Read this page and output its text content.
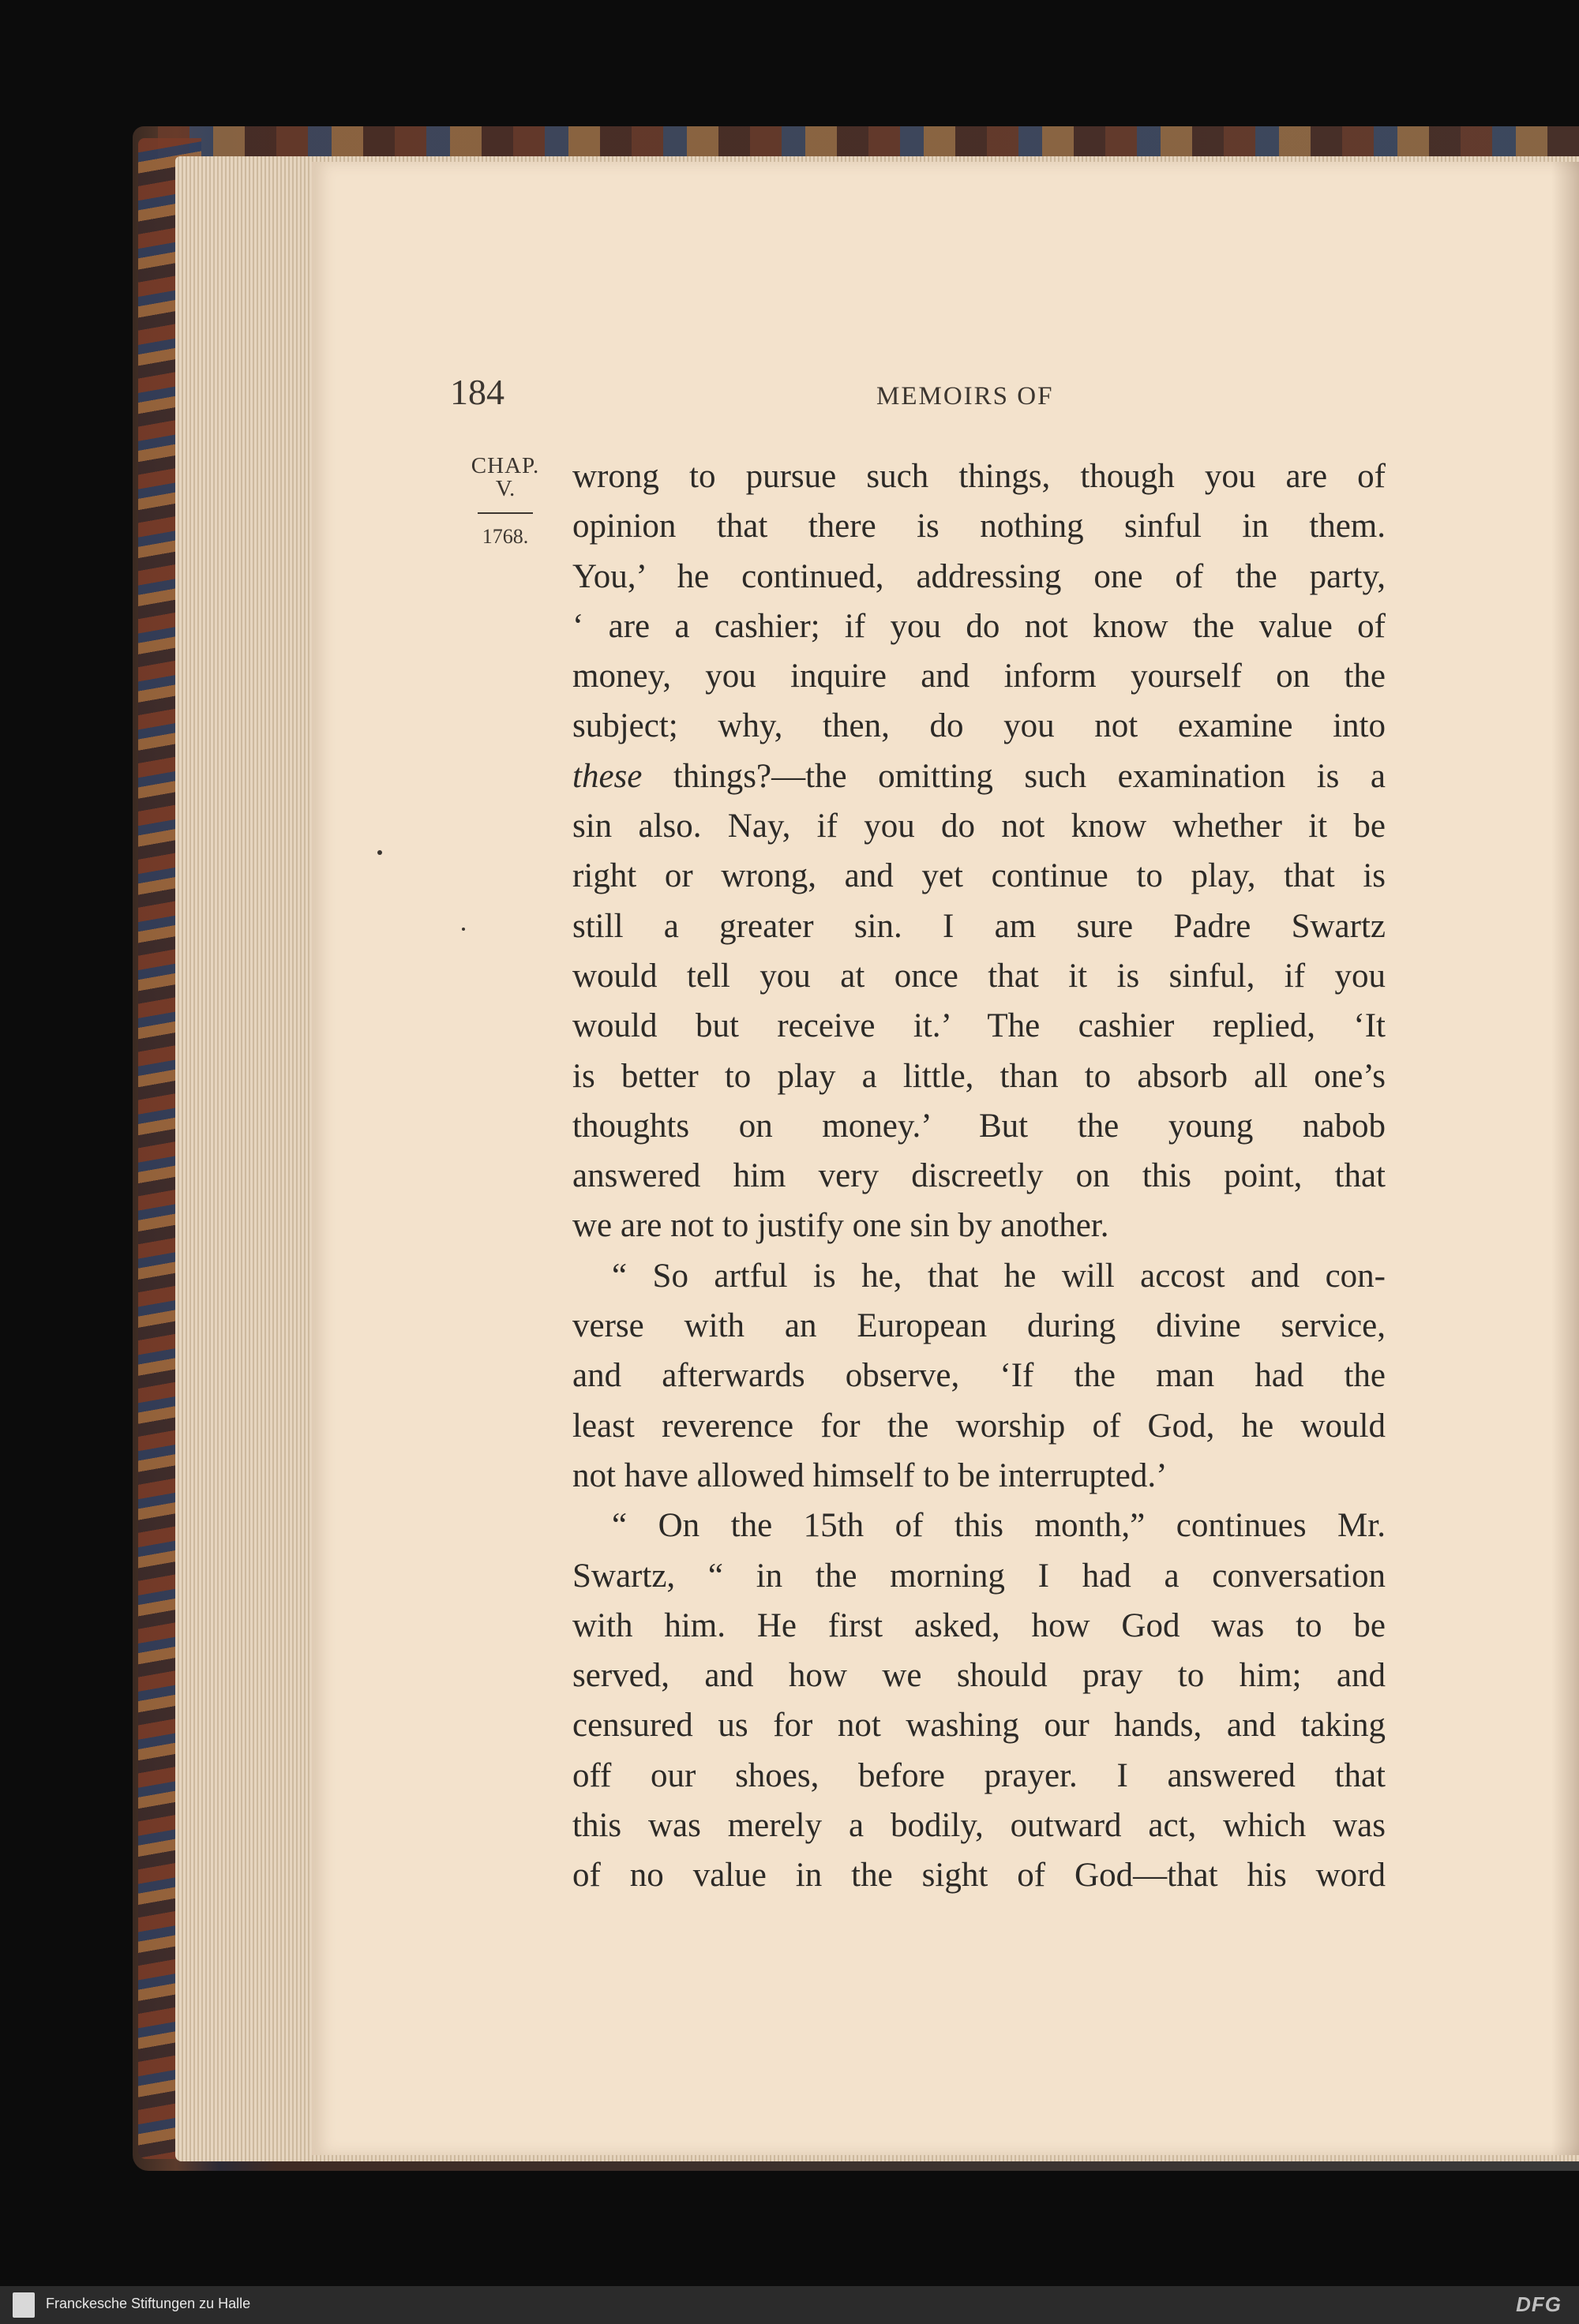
184	MEMOIRS OF
CHAP.
V.
1768.
wrong to pursue such things, though you are of
opinion that there is nothing sinful in them.
You,’ he continued, addressing one of the party,
‘ are a cashier; if you do not know the value of
money, you inquire and inform yourself on the
subject; why, then, do you not examine into
these things?—the omitting such examination is a
sin also. Nay, if you do not know whether it be
right or wrong, and yet continue to play, that is
still a greater sin. I am sure Padre Swartz
would tell you at once that it is sinful, if you
would but receive it.’ The cashier replied, ‘It
is better to play a little, than to absorb all one’s
thoughts on money.’ But the young nabob
answered him very discreetly on this point, that
we are not to justify one sin by another.
“ So artful is he, that he will accost and con-
verse with an European during divine service,
and afterwards observe, ‘If the man had the
least reverence for the worship of God, he would
not have allowed himself to be interrupted.’
“ On the 15th of this month,” continues Mr.
Swartz, “ in the morning I had a conversation
with him. He first asked, how God was to be
served, and how we should pray to him; and
censured us for not washing our hands, and taking
off our shoes, before prayer. I answered that
this was merely a bodily, outward act, which was
of no value in the sight of God—that his word
Franckesche Stiftungen zu Halle	DFG
